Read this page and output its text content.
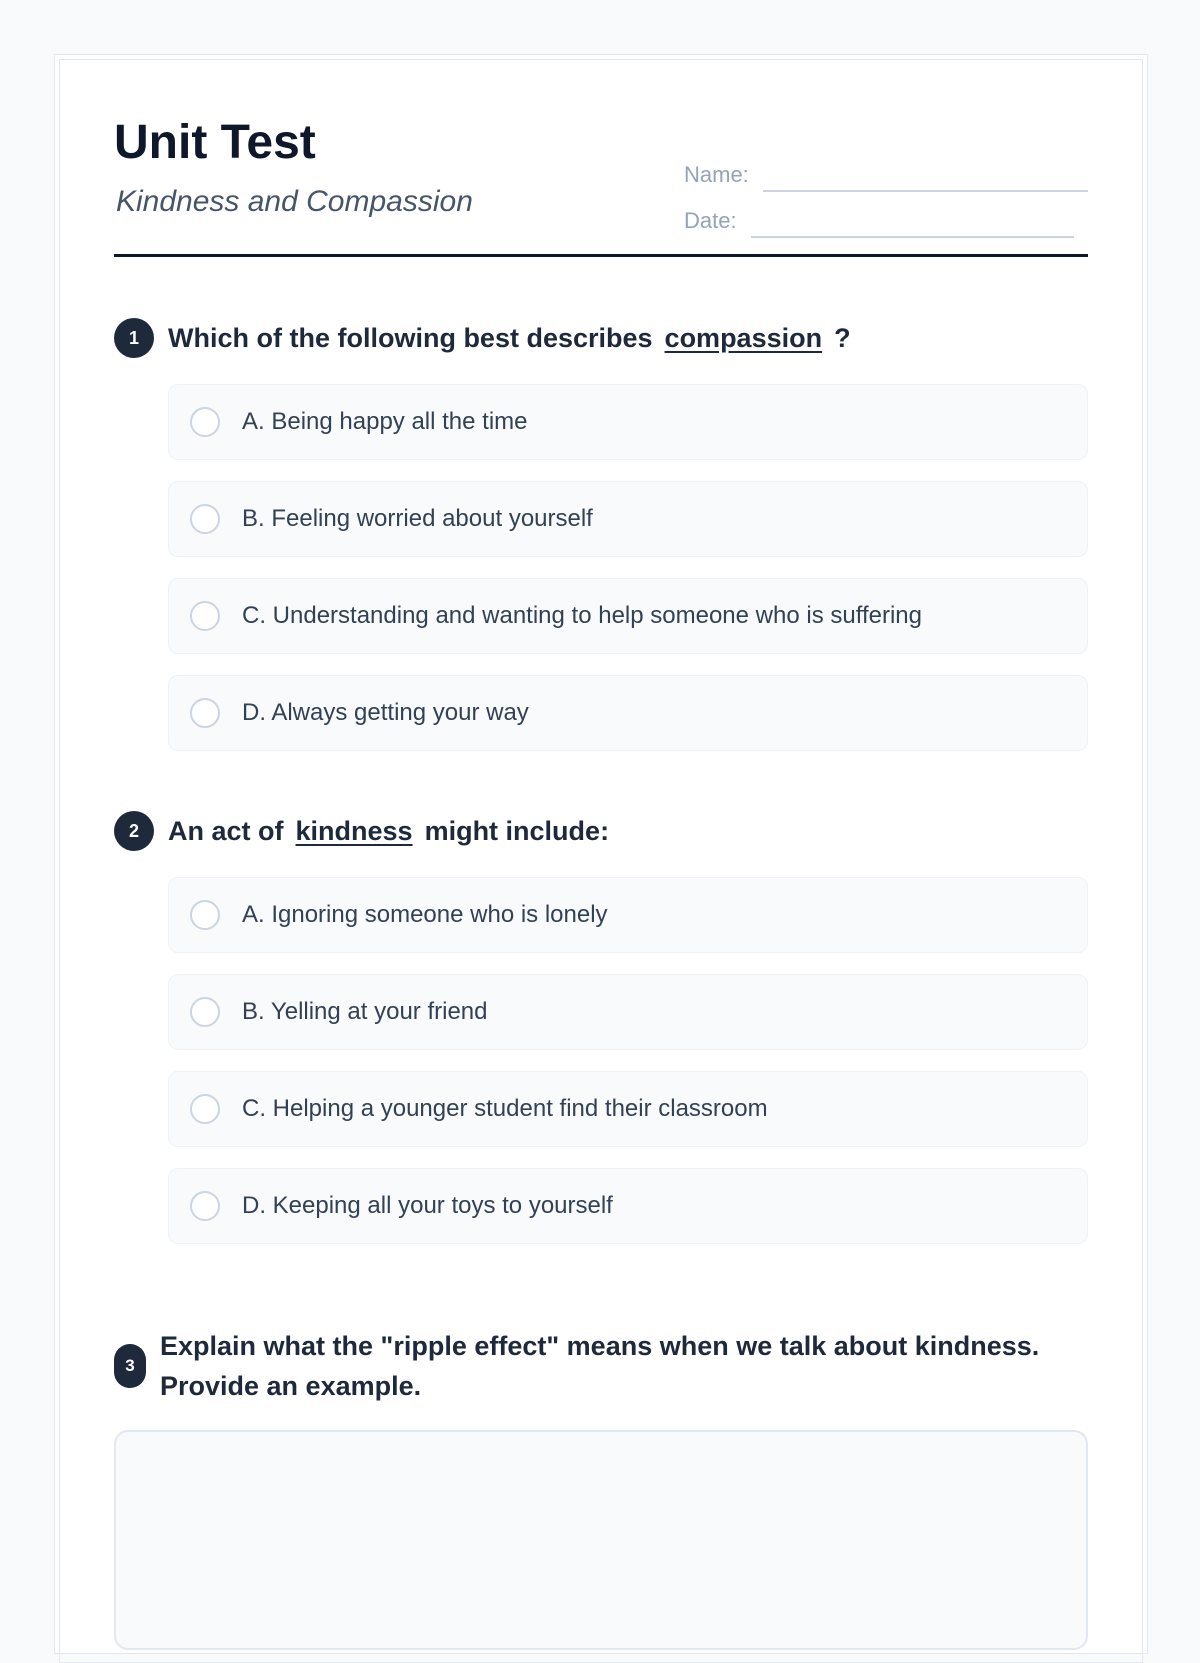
Unit Test
Kindness and Compassion
Name:
Date:
1	Which of the following best describes compassion ?
A. Being happy all the time
B. Feeling worried about yourself
C. Understanding and wanting to help someone who is suffering
D. Always getting your way
2	An act of kindness might include:
A. Ignoring someone who is lonely
B. Yelling at your friend
C. Helping a younger student find their classroom
D. Keeping all your toys to yourself
3
Explain what the "ripple effect" means when we talk about kindness. Provide an example.
